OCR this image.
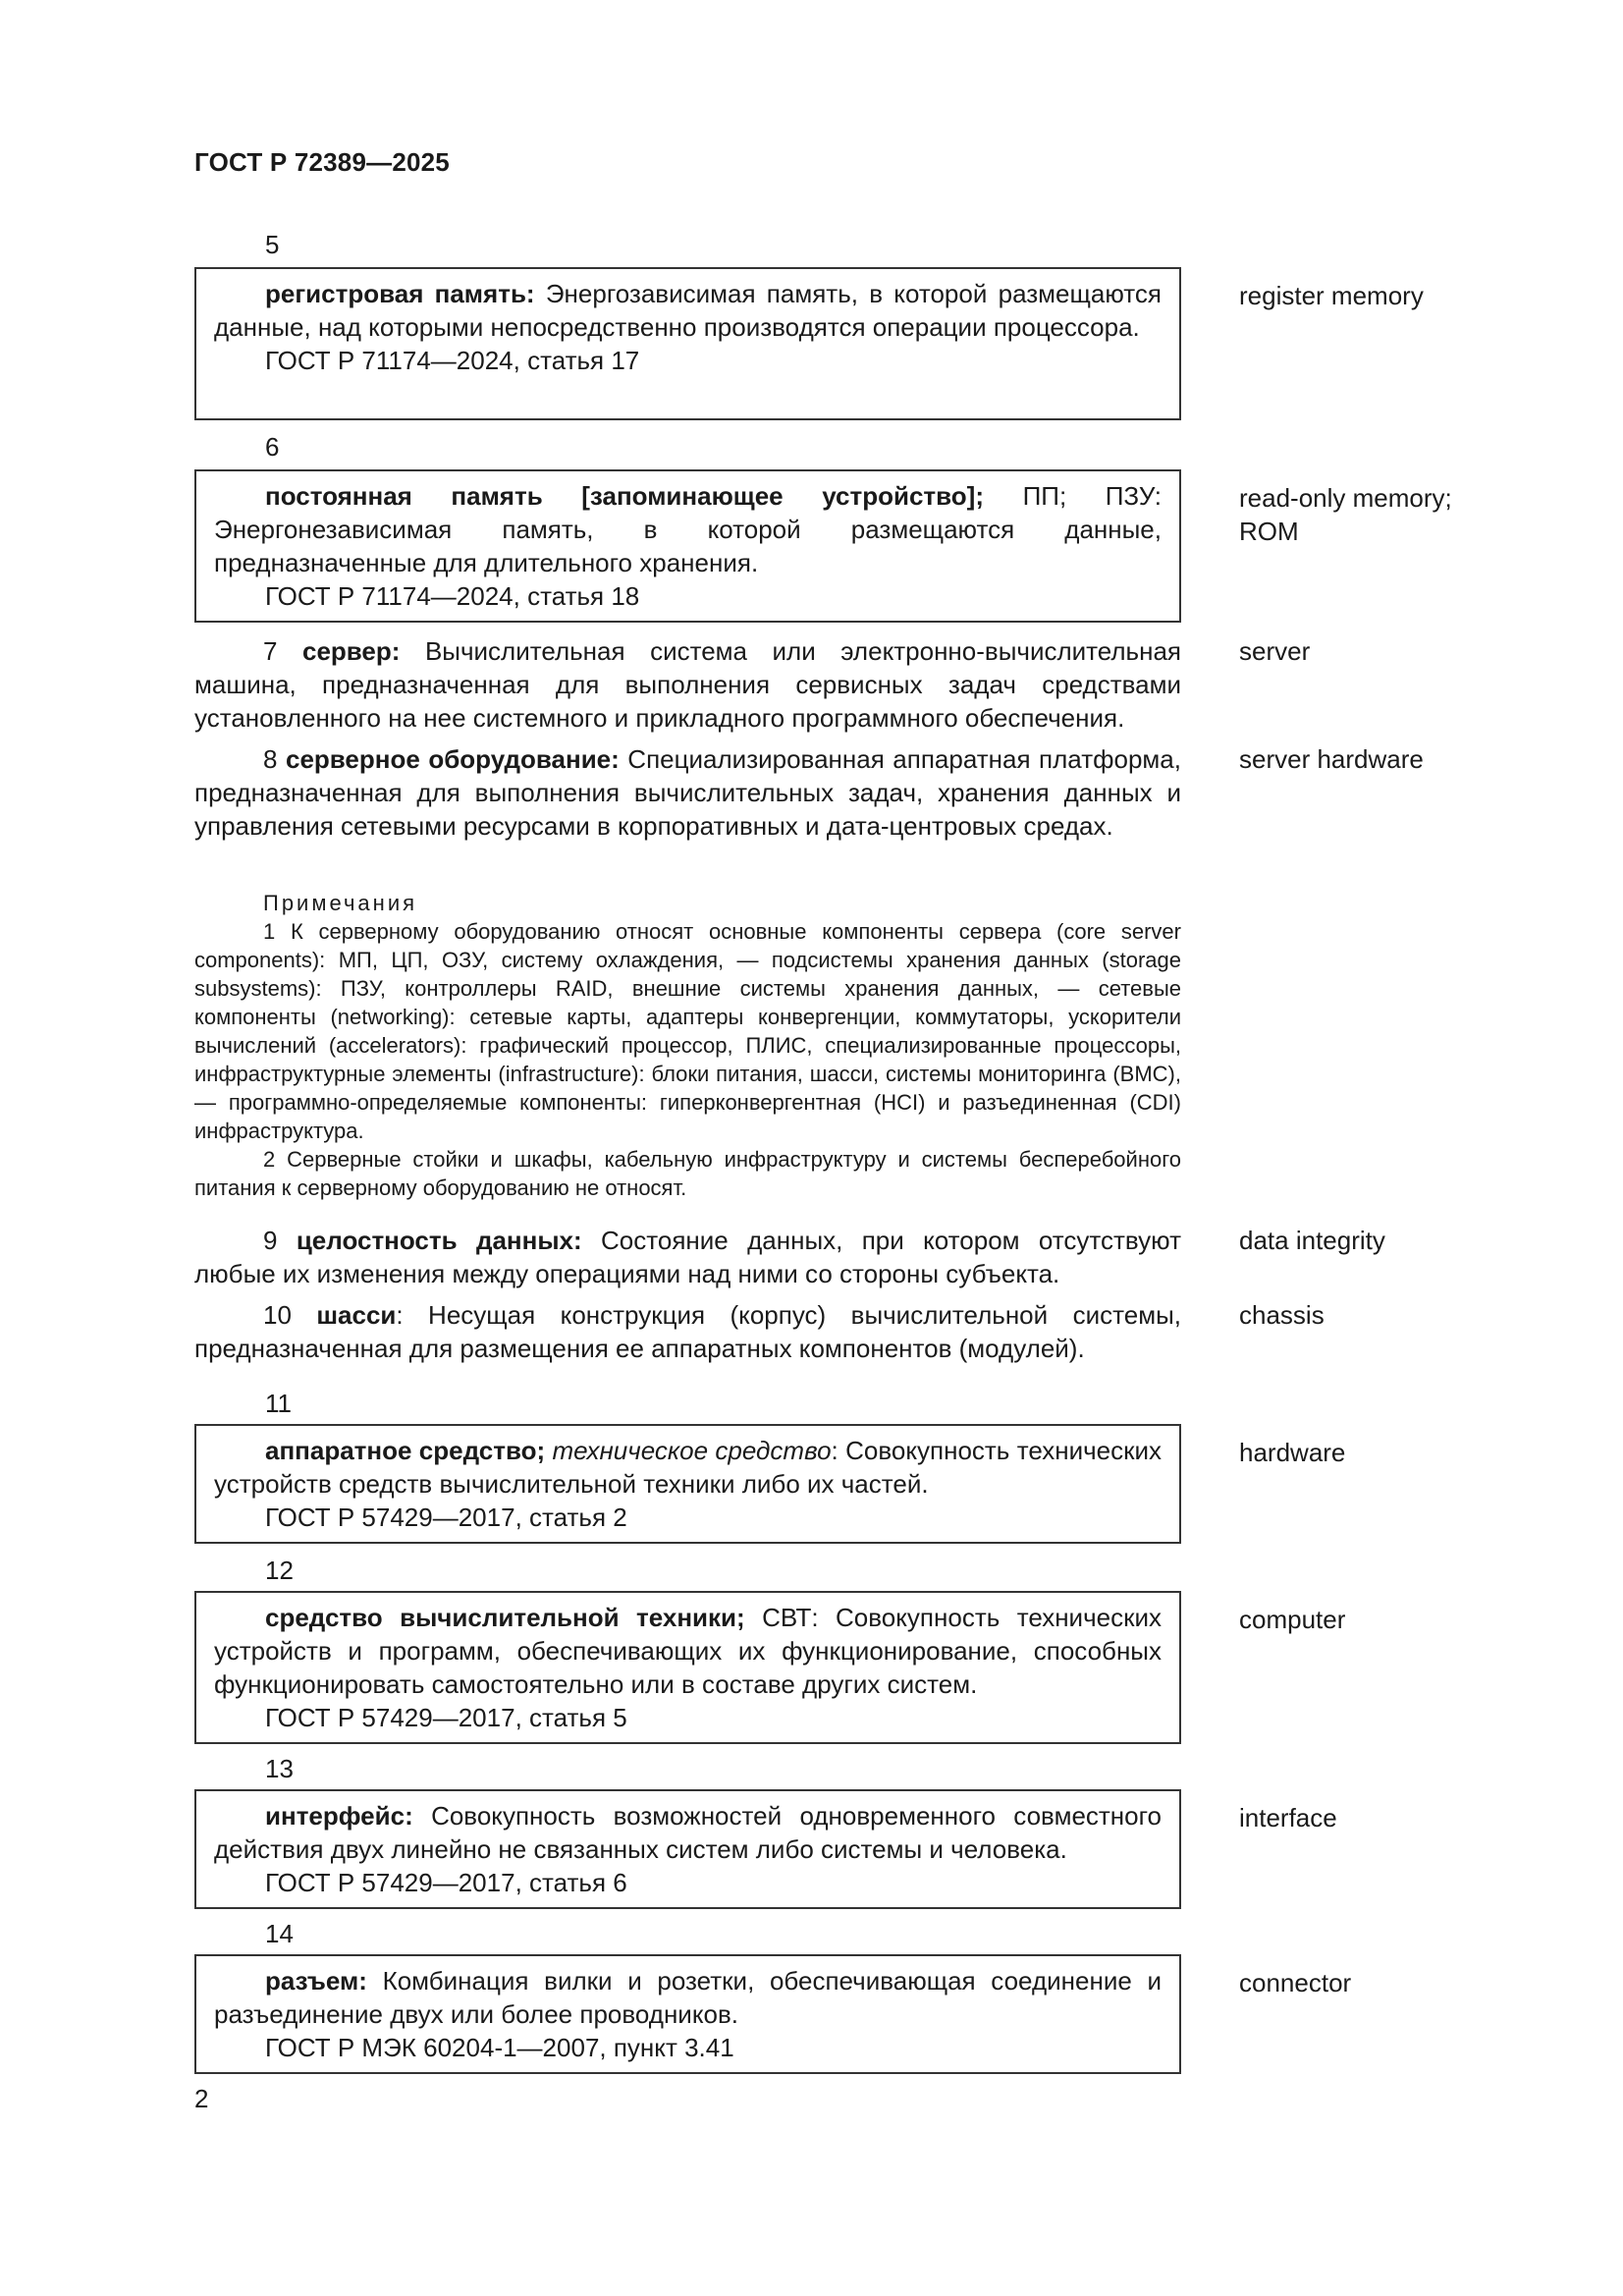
ГОСТ Р 72389—2025
5

регистровая память: Энергозависимая память, в которой размещаются данные, над которыми непосредственно производятся операции процессора.

ГОСТ Р 71174—2024, статья 17

register memory
6

постоянная память [запоминающее устройство]; ПП; ПЗУ: Энергонезависимая память, в которой размещаются данные, предназначенные для длительного хранения.

ГОСТ Р 71174—2024, статья 18

read-only memory;
ROM

7 сервер: Вычислительная система или электронно-вычислительная машина, предназначенная для выполнения сервисных задач средствами установленного на нее системного и прикладного программного обеспечения.

server

8 серверное оборудование: Специализированная аппаратная платформа, предназначенная для выполнения вычислительных задач, хранения данных и управления сетевыми ресурсами в корпоративных и дата-центровых средах.

server hardware

Примечания

1 К серверному оборудованию относят основные компоненты сервера (core server components): МП, ЦП, ОЗУ, систему охлаждения, — подсистемы хранения данных (storage subsystems): ПЗУ, контроллеры RAID, внешние системы хранения данных, — сетевые компоненты (networking): сетевые карты, адаптеры конвергенции, коммутаторы, ускорители вычислений (accelerators): графический процессор, ПЛИС, специализированные процессоры, инфраструктурные элементы (infrastructure): блоки питания, шасси, системы мониторинга (BMC), — программно-определяемые компоненты: гиперконвергентная (HCI) и разъединенная (CDI) инфраструктура.

2 Серверные стойки и шкафы, кабельную инфраструктуру и системы бесперебойного питания к серверному оборудованию не относят.

9 целостность данных: Состояние данных, при котором отсутствуют любые их изменения между операциями над ними со стороны субъекта.

data integrity

10 шасси: Несущая конструкция (корпус) вычислительной системы, предназначенная для размещения ее аппаратных компонентов (модулей).

chassis
11

аппаратное средство; техническое средство: Совокупность технических устройств средств вычислительной техники либо их частей.

ГОСТ Р 57429—2017, статья 2

hardware
12

средство вычислительной техники; СВТ: Совокупность технических устройств и программ, обеспечивающих их функционирование, способных функционировать самостоятельно или в составе других систем.

ГОСТ Р 57429—2017, статья 5

computer
13

интерфейс: Совокупность возможностей одновременного совместного действия двух линейно не связанных систем либо системы и человека.

ГОСТ Р 57429—2017, статья 6

interface
14

разъем: Комбинация вилки и розетки, обеспечивающая соединение и разъединение двух или более проводников.

ГОСТ Р МЭК 60204-1—2007, пункт 3.41

connector
2
